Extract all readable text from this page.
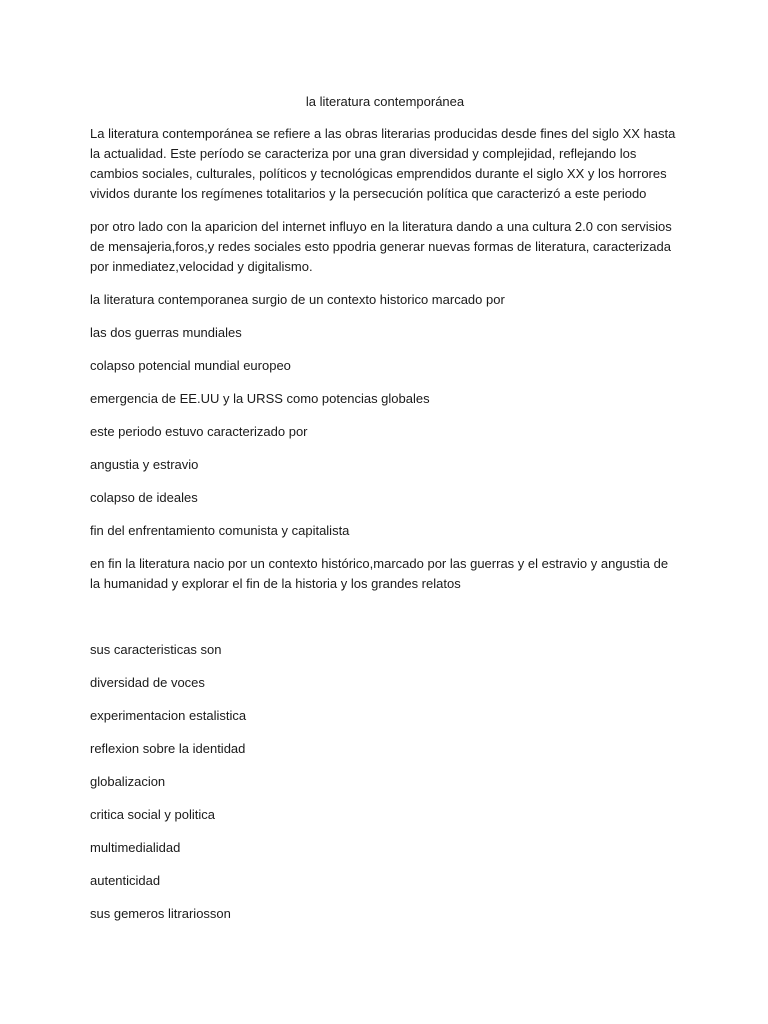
la literatura contemporánea

La literatura contemporánea se refiere a las obras literarias producidas desde fines del siglo XX hasta la actualidad. Este período se caracteriza por una gran diversidad y complejidad, reflejando los cambios sociales, culturales, políticos y tecnológicas emprendidos durante el siglo XX y los horrores vividos durante los regímenes totalitarios y la persecución política que caracterizó a este periodo

por otro lado con la aparicion del internet influyo en la literatura dando a una cultura 2.0 con servisios de mensajeria,foros,y redes sociales esto ppodria generar nuevas formas de literatura, caracterizada por inmediatez,velocidad y digitalismo.

la literatura contemporanea surgio de un contexto historico marcado por

las dos guerras mundiales

colapso potencial mundial europeo

emergencia de EE.UU y la URSS como potencias globales

este periodo estuvo caracterizado por

angustia y estravio

colapso de ideales

fin del enfrentamiento comunista y capitalista

en fin la literatura nacio por un contexto histórico,marcado por las guerras y el estravio y angustia de la humanidad y explorar el fin de la historia y los grandes relatos

sus caracteristicas son

diversidad de voces

experimentacion estalistica

reflexion sobre la identidad

globalizacion

critica social y politica

multimedialidad

autenticidad

sus gemeros litrariosson
